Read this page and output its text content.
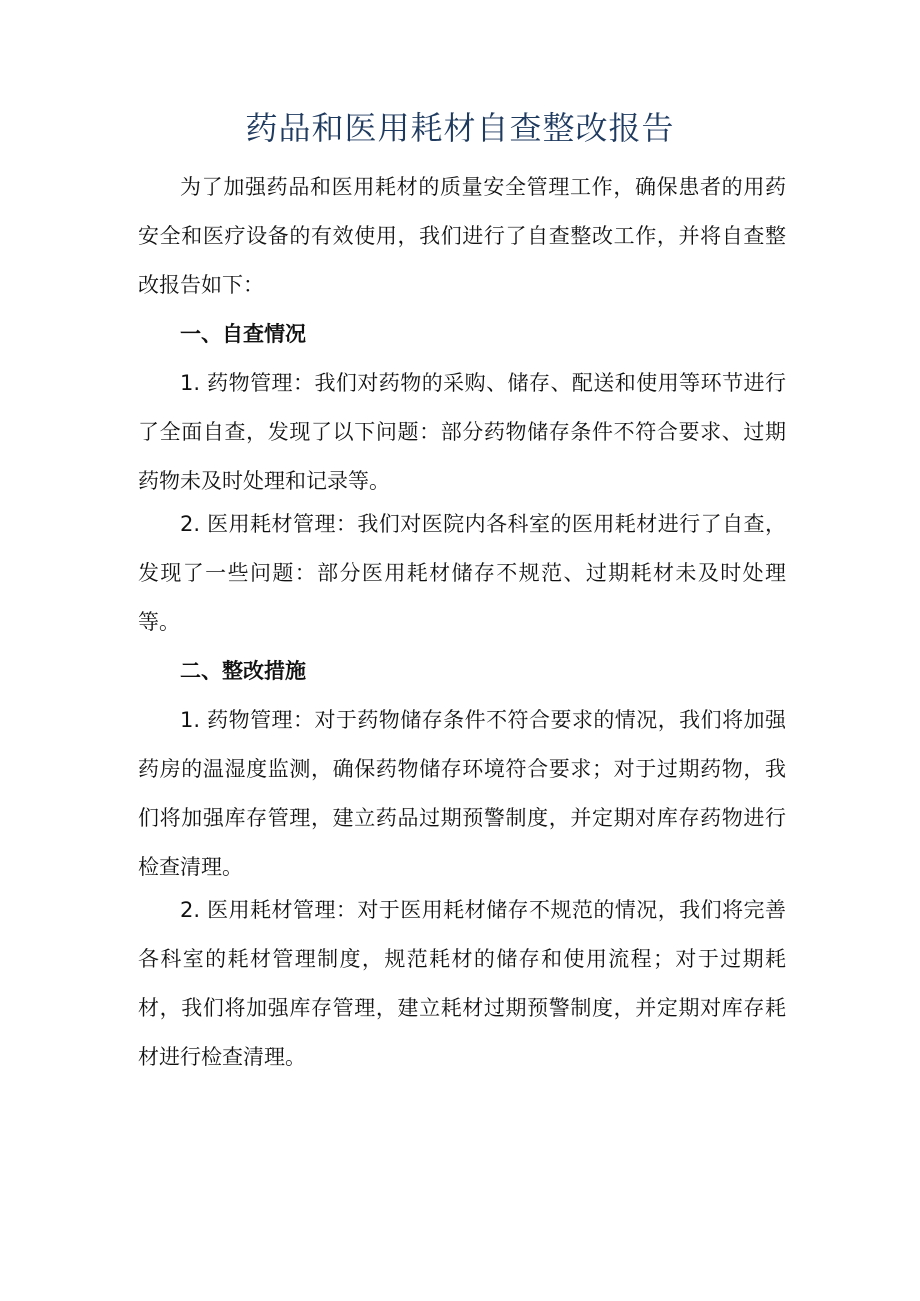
药品和医用耗材自查整改报告

为了加强药品和医用耗材的质量安全管理工作，确保患者的用药安全和医疗设备的有效使用，我们进行了自查整改工作，并将自查整改报告如下：

一、自查情况

1. 药物管理：我们对药物的采购、储存、配送和使用等环节进行了全面自查，发现了以下问题：部分药物储存条件不符合要求、过期药物未及时处理和记录等。

2. 医用耗材管理：我们对医院内各科室的医用耗材进行了自查，发现了一些问题：部分医用耗材储存不规范、过期耗材未及时处理等。

二、整改措施

1. 药物管理：对于药物储存条件不符合要求的情况，我们将加强药房的温湿度监测，确保药物储存环境符合要求；对于过期药物，我们将加强库存管理，建立药品过期预警制度，并定期对库存药物进行检查清理。

2. 医用耗材管理：对于医用耗材储存不规范的情况，我们将完善各科室的耗材管理制度，规范耗材的储存和使用流程；对于过期耗材，我们将加强库存管理，建立耗材过期预警制度，并定期对库存耗材进行检查清理。
